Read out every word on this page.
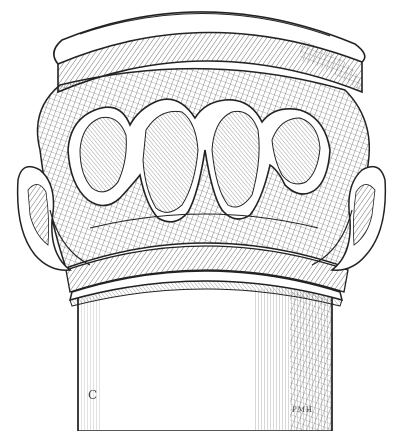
C
PMH
